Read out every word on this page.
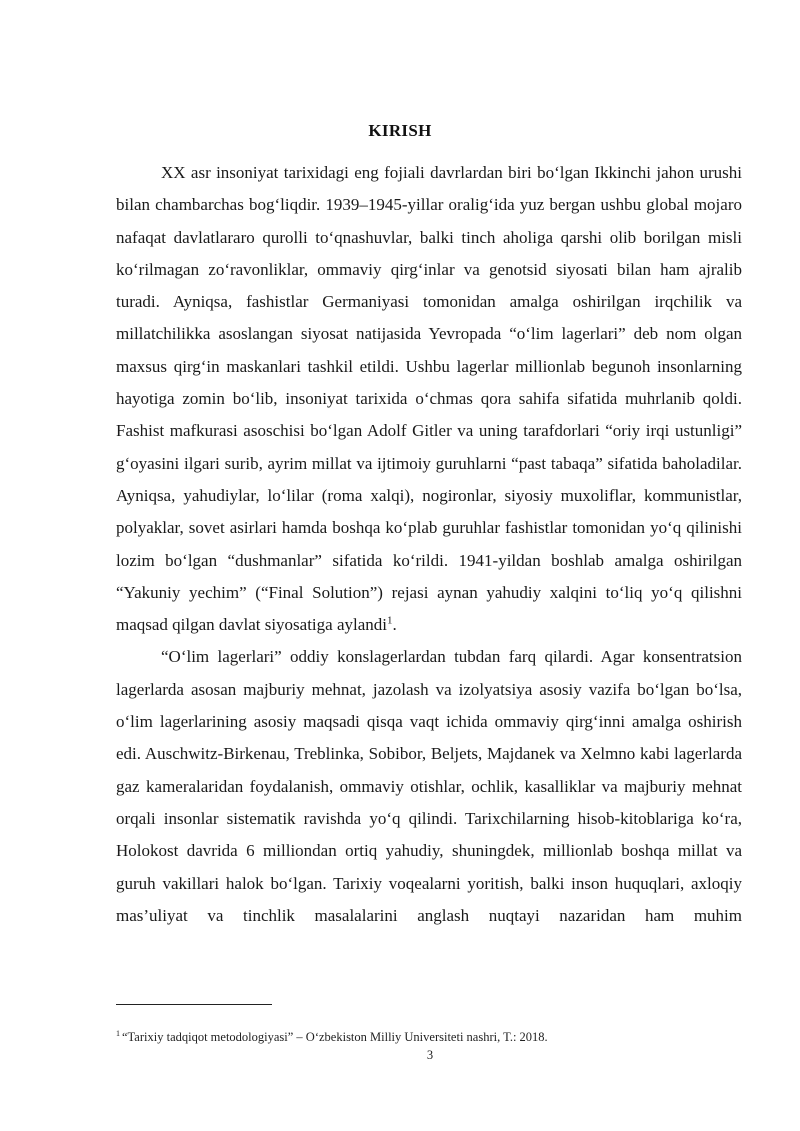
KIRISH

XX asr insoniyat tarixidagi eng fojiali davrlardan biri bo‘lgan Ikkinchi jahon urushi bilan chambarchas bog‘liqdir. 1939–1945-yillar oralig‘ida yuz bergan ushbu global mojaro nafaqat davlatlararo qurolli to‘qnashuvlar, balki tinch aholiga qarshi olib borilgan misli ko‘rilmagan zo‘ravonliklar, ommaviy qirg‘inlar va genotsid siyosati bilan ham ajralib turadi. Ayniqsa, fashistlar Germaniyasi tomonidan amalga oshirilgan irqchilik va millatchilikka asoslangan siyosat natijasida Yevropada “o‘lim lagerlari” deb nom olgan maxsus qirg‘in maskanlari tashkil etildi. Ushbu lagerlar millionlab begunoh insonlarning hayotiga zomin bo‘lib, insoniyat tarixida o‘chmas qora sahifa sifatida muhrlanib qoldi. Fashist mafkurasi asoschisi bo‘lgan Adolf Gitler va uning tarafdorlari “oriy irqi ustunligi” g‘oyasini ilgari surib, ayrim millat va ijtimoiy guruhlarni “past tabaqa” sifatida baholadilar. Ayniqsa, yahudiylar, lo‘lilar (roma xalqi), nogironlar, siyosiy muxoliflar, kommunistlar, polyaklar, sovet asirlari hamda boshqa ko‘plab guruhlar fashistlar tomonidan yo‘q qilinishi lozim bo‘lgan “dushmanlar” sifatida ko‘rildi. 1941-yildan boshlab amalga oshirilgan “Yakuniy yechim” (“Final Solution”) rejasi aynan yahudiy xalqini to‘liq yo‘q qilishni maqsad qilgan davlat siyosatiga aylandi$^1$.

“O‘lim lagerlari” oddiy konslagerlardan tubdan farq qilardi. Agar konsentratsion lagerlarda asosan majburiy mehnat, jazolash va izolyatsiya asosiy vazifa bo‘lgan bo‘lsa, o‘lim lagerlarining asosiy maqsadi qisqa vaqt ichida ommaviy qirg‘inni amalga oshirish edi. Auschwitz-Birkenau, Treblinka, Sobibor, Beljets, Majdanek va Xelmno kabi lagerlarda gaz kameralaridan foydalanish, ommaviy otishlar, ochlik, kasalliklar va majburiy mehnat orqali insonlar sistematik ravishda yo‘q qilindi. Tarixchilarning hisob-kitoblariga ko‘ra, Holokost davrida 6 milliondan ortiq yahudiy, shuningdek, millionlab boshqa millat va guruh vakillari halok bo‘lgan. Tarixiy voqealarni yoritish, balki inson huquqlari, axloqiy mas’uliyat va tinchlik masalalarini anglash nuqtayi nazaridan ham muhim

$^1$ “Tarixiy tadqiqot metodologiyasi” – O‘zbekiston Milliy Universiteti nashri, T.: 2018.
3
